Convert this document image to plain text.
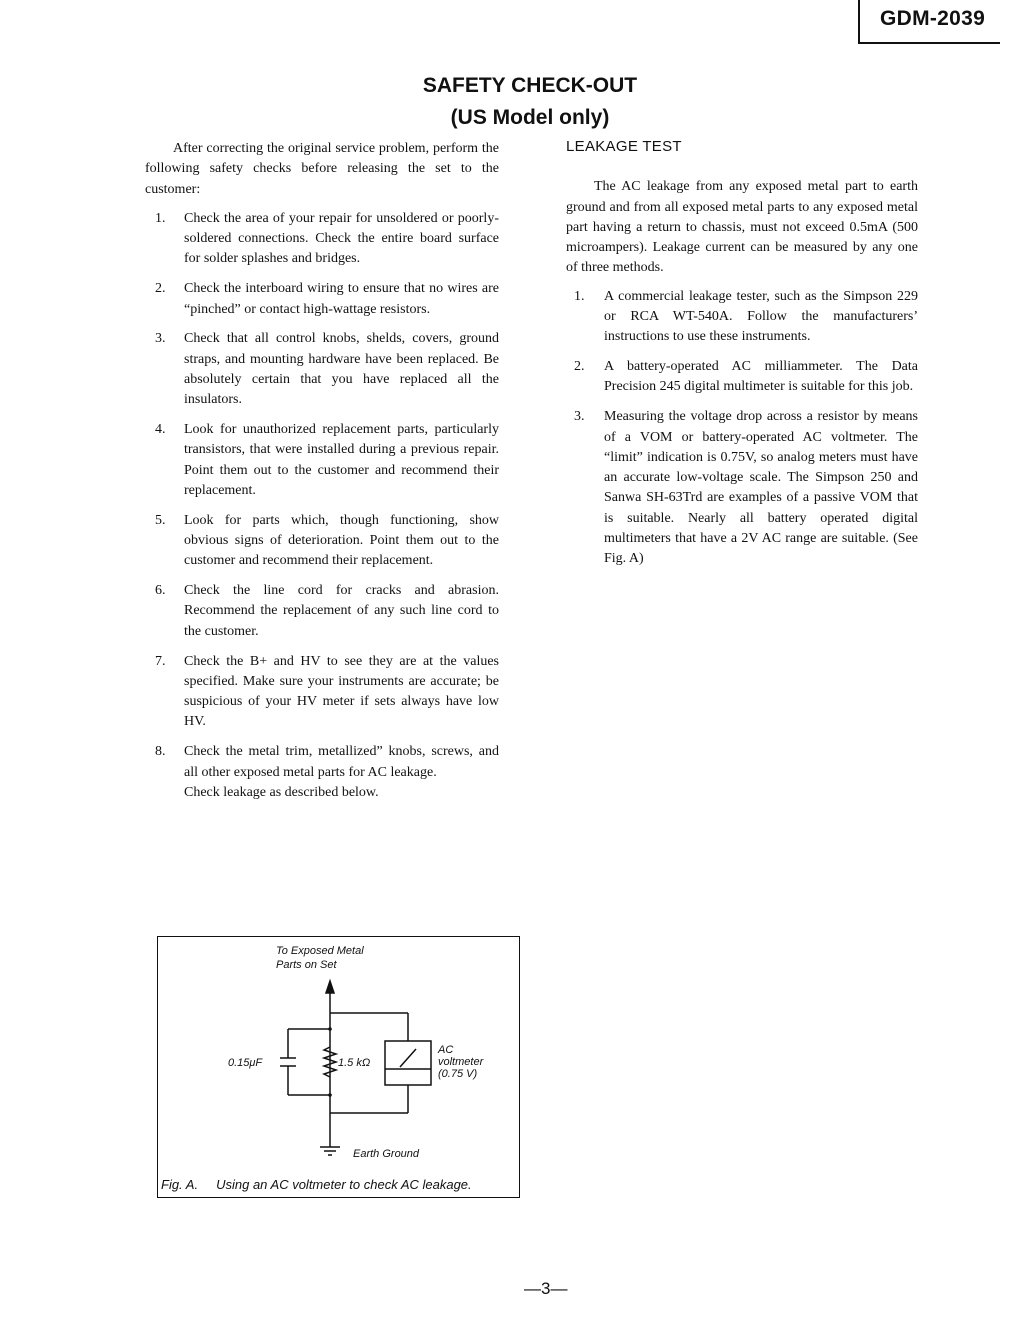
GDM-2039
SAFETY CHECK-OUT
(US Model only)

After correcting the original service problem, perform the following safety checks before releasing the set to the customer:

1. Check the area of your repair for unsoldered or poorly-soldered connections. Check the entire board surface for solder splashes and bridges.
2. Check the interboard wiring to ensure that no wires are “pinched” or contact high-wattage resistors.
3. Check that all control knobs, shelds, covers, ground straps, and mounting hardware have been replaced. Be absolutely certain that you have replaced all the insulators.
4. Look for unauthorized replacement parts, particularly transistors, that were installed during a previous repair. Point them out to the customer and recommend their replacement.
5. Look for parts which, though functioning, show obvious signs of deterioration. Point them out to the customer and recommend their replacement.
6. Check the line cord for cracks and abrasion. Recommend the replacement of any such line cord to the customer.
7. Check the B+ and HV to see they are at the values specified. Make sure your instruments are accurate; be suspicious of your HV meter if sets always have low HV.
8. Check the metal trim, metallized” knobs, screws, and all other exposed metal parts for AC leakage.
Check leakage as described below.
LEAKAGE TEST

The AC leakage from any exposed metal part to earth ground and from all exposed metal parts to any exposed metal part having a return to chassis, must not exceed 0.5mA (500 microampers). Leakage current can be measured by any one of three methods.

1. A commercial leakage tester, such as the Simpson 229 or RCA WT-540A. Follow the manufacturers’ instructions to use these instruments.
2. A battery-operated AC milliammeter. The Data Precision 245 digital multimeter is suitable for this job.
3. Measuring the voltage drop across a resistor by means of a VOM or battery-operated AC voltmeter. The “limit” indication is 0.75V, so analog meters must have an accurate low-voltage scale. The Simpson 250 and Sanwa SH-63Trd are examples of a passive VOM that is suitable. Nearly all battery operated digital multimeters that have a 2V AC range are suitable. (See Fig. A)
To Exposed Metal
Parts on Set
0.15μF	1.5 kΩ
AC
voltmeter
(0.75 V)
Earth Ground
Fig. A. Using an AC voltmeter to check AC leakage.
—3—
